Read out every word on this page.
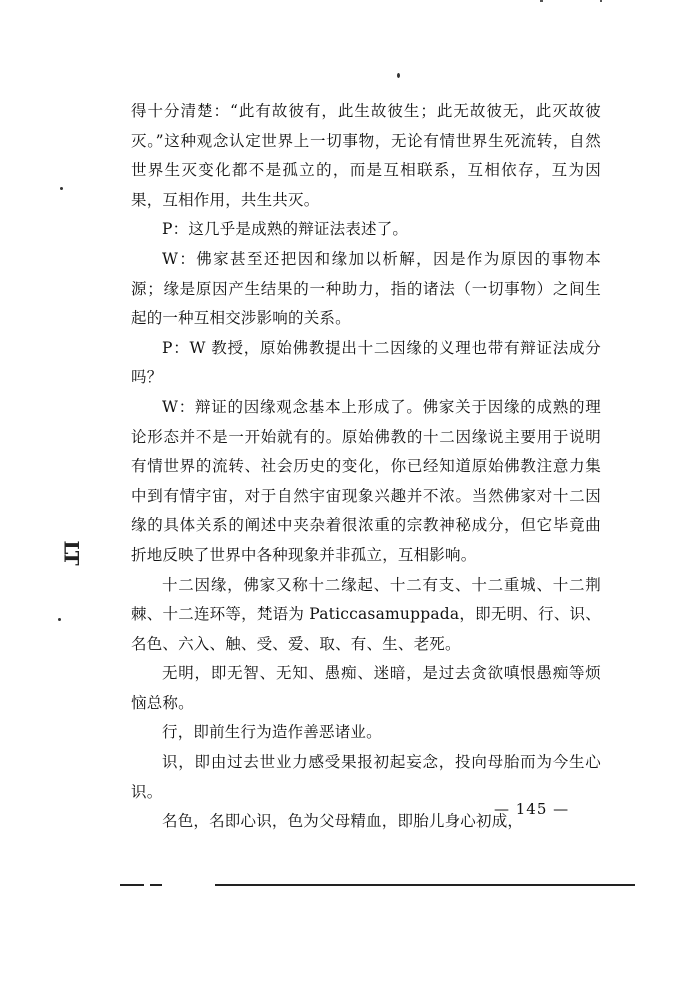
LT

得十分清楚：“此有故彼有，此生故彼生；此无故彼无，此灭故彼灭。”这种观念认定世界上一切事物，无论有情世界生死流转，自然世界生灭变化都不是孤立的，而是互相联系，互相依存，互为因果，互相作用，共生共灭。

P：这几乎是成熟的辩证法表述了。

W：佛家甚至还把因和缘加以析解，因是作为原因的事物本源；缘是原因产生结果的一种助力，指的诸法（一切事物）之间生起的一种互相交涉影响的关系。

P：W 教授，原始佛教提出十二因缘的义理也带有辩证法成分吗？

W：辩证的因缘观念基本上形成了。佛家关于因缘的成熟的理论形态并不是一开始就有的。原始佛教的十二因缘说主要用于说明有情世界的流转、社会历史的变化，你已经知道原始佛教注意力集中到有情宇宙，对于自然宇宙现象兴趣并不浓。当然佛家对十二因缘的具体关系的阐述中夹杂着很浓重的宗教神秘成分，但它毕竟曲折地反映了世界中各种现象并非孤立，互相影响。

十二因缘，佛家又称十二缘起、十二有支、十二重城、十二荆棘、十二连环等，梵语为 Paticcasamuppada，即无明、行、识、名色、六入、触、受、爱、取、有、生、老死。

无明，即无智、无知、愚痴、迷暗，是过去贪欲嗔恨愚痴等烦恼总称。

行，即前生行为造作善恶诸业。

识，即由过去世业力感受果报初起妄念，投向母胎而为今生心识。

名色，名即心识，色为父母精血，即胎儿身心初成，

— 145 —
